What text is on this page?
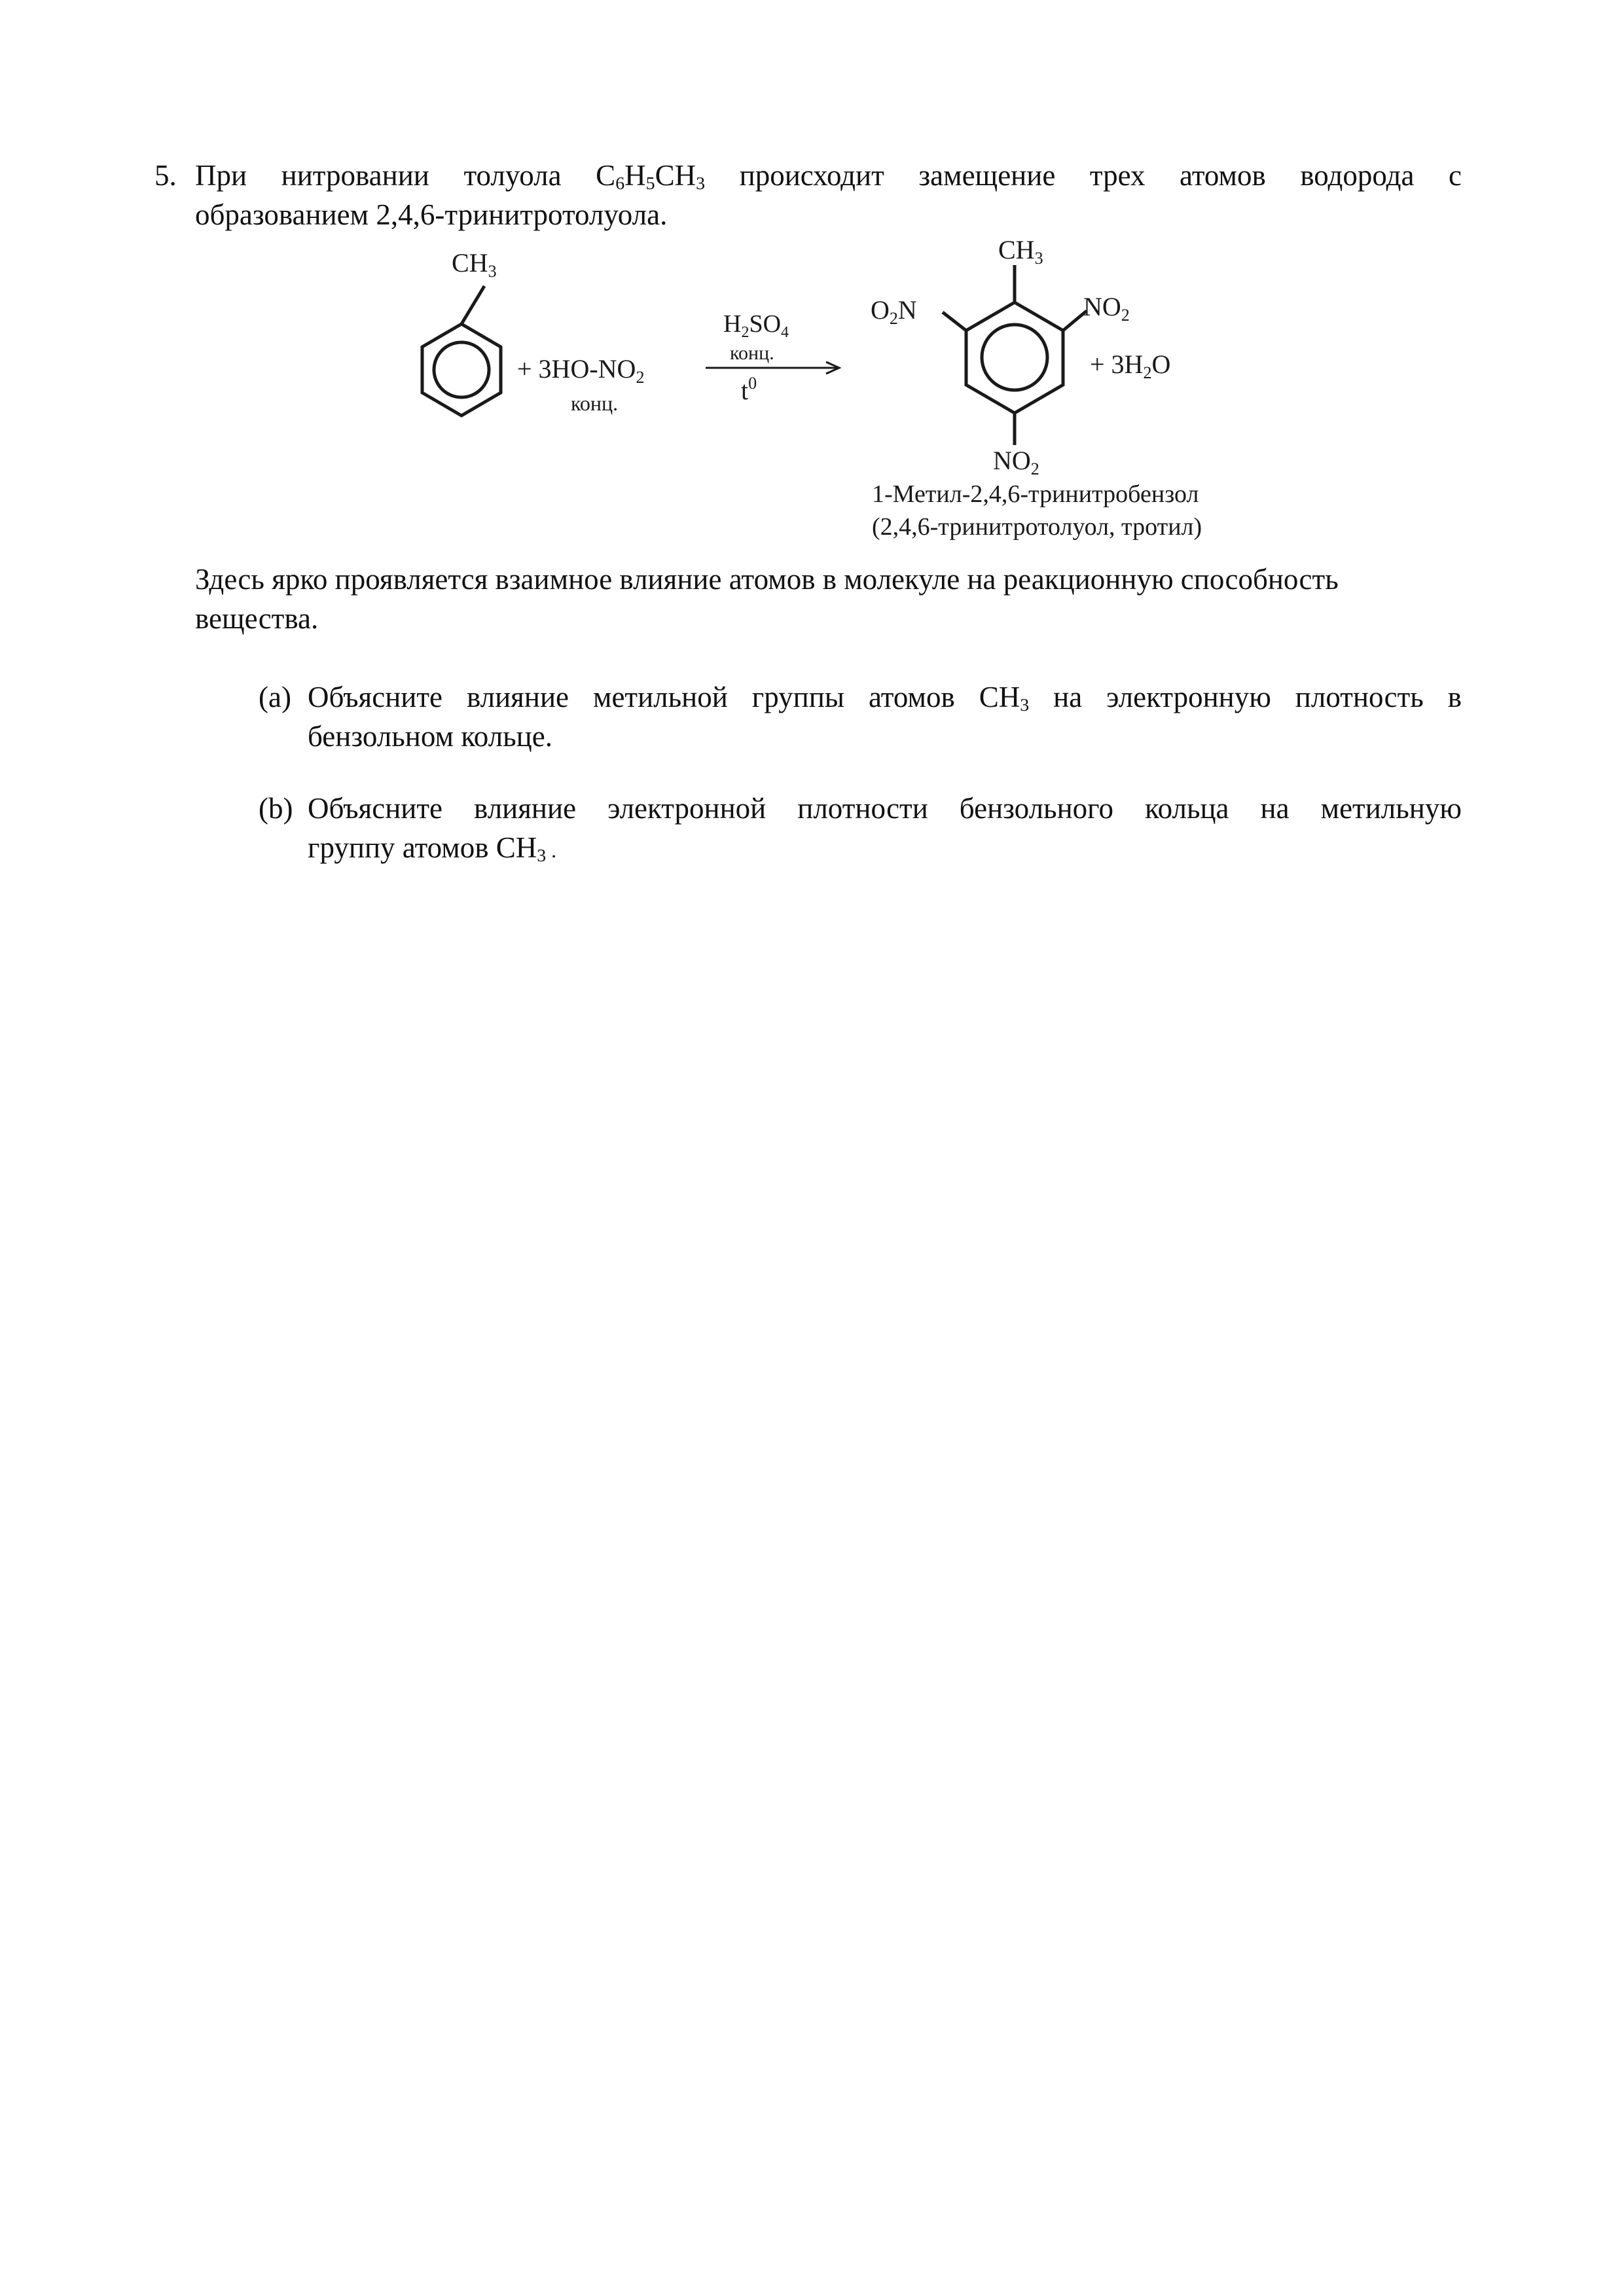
5. При нитровании толуола $C_6H_5CH_3$ происходит замещение трех атомов водорода с
образованием 2,4,6-тринитротолуола.
$CH_3$
+ $3HO-NO_2$
конц.
$H_2SO_4$
конц.
$t^0$
$CH_3$
$O_2N$	$NO_2$
$NO_2$
+ $3H_2O$
1-Метил-2,4,6-тринитробензол
(2,4,6-тринитротолуол, тротил)
Здесь ярко проявляется взаимное влияние атомов в молекуле на реакционную способность
вещества.
(a) Объясните влияние метильной группы атомов $CH_3$ на электронную плотность в
бензольном кольце.
(b) Объясните влияние электронной плотности бензольного кольца на метильную
группу атомов $CH_3$ .
